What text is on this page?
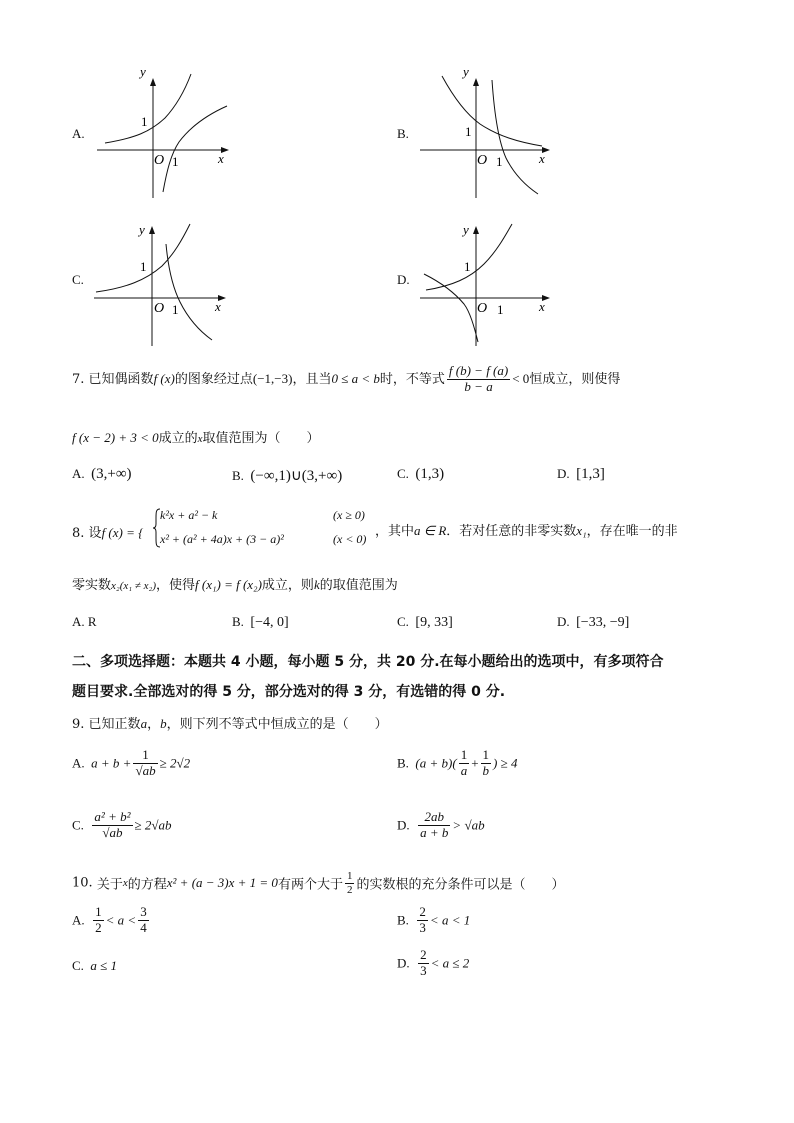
A.
y
x
O
1
1
B.
y
x
O
1
1
C.
y
x
O
1
1
D.
y
x
O
1
1
7. 已知偶函数f (x)的图象经过点(−1,−3)，且当0 ≤ a < b时，不等式 $\frac{f (b) - f (a)}{b - a} < 0$恒成立，则使得
f (x − 2) + 3 < 0成立的x取值范围为（　　）
A. (3,+∞)	B. (−∞,1)∪(3,+∞)	C. (1,3)	D. [1,3]
8. 设f (x) = {
k²x + a² − k	(x ≥ 0)
x² + (a² + 4a)x + (3 − a)²	(x < 0) ，其中a ∈ R．若对任意的非零实数x₁，存在唯一的非
零实数x₂(x₁ ≠ x₂)，使得f (x₁) = f (x₂)成立，则k的取值范围为
A. R	B. [−4, 0]	C. [9, 33]	D. [−33, −9]
二、多项选择题：本题共 4 小题，每小题 5 分，共 20 分.在每小题给出的选项中，有多项符合
题目要求.全部选对的得 5 分，部分选对的得 3 分，有选错的得 0 分.
9. 已知正数a，b，则下列不等式中恒成立的是（　　）
A. $a + b + \frac{1}{√ab} \ge 2√2$	B. $(a + b)( \frac{1}{a} + \frac{1}{b}$ ) ≥ 4
C. $\frac{\text{a² + b²}}{√ab} \ge 2√ab$	D. $\frac{2ab}{a + b} > √ab$
10. 关于x的方程x² + (a − 3)x + 1 = 0有两个大于 $\frac{1}{2}$ 的实数根的充分条件可以是（　　）
A. $\frac{1}{2} < a < \frac{3}{4}$	B. $\frac{2}{3} < a < 1$
C. a ≤ 1	D. $\frac{2}{3} < a \le 2$
